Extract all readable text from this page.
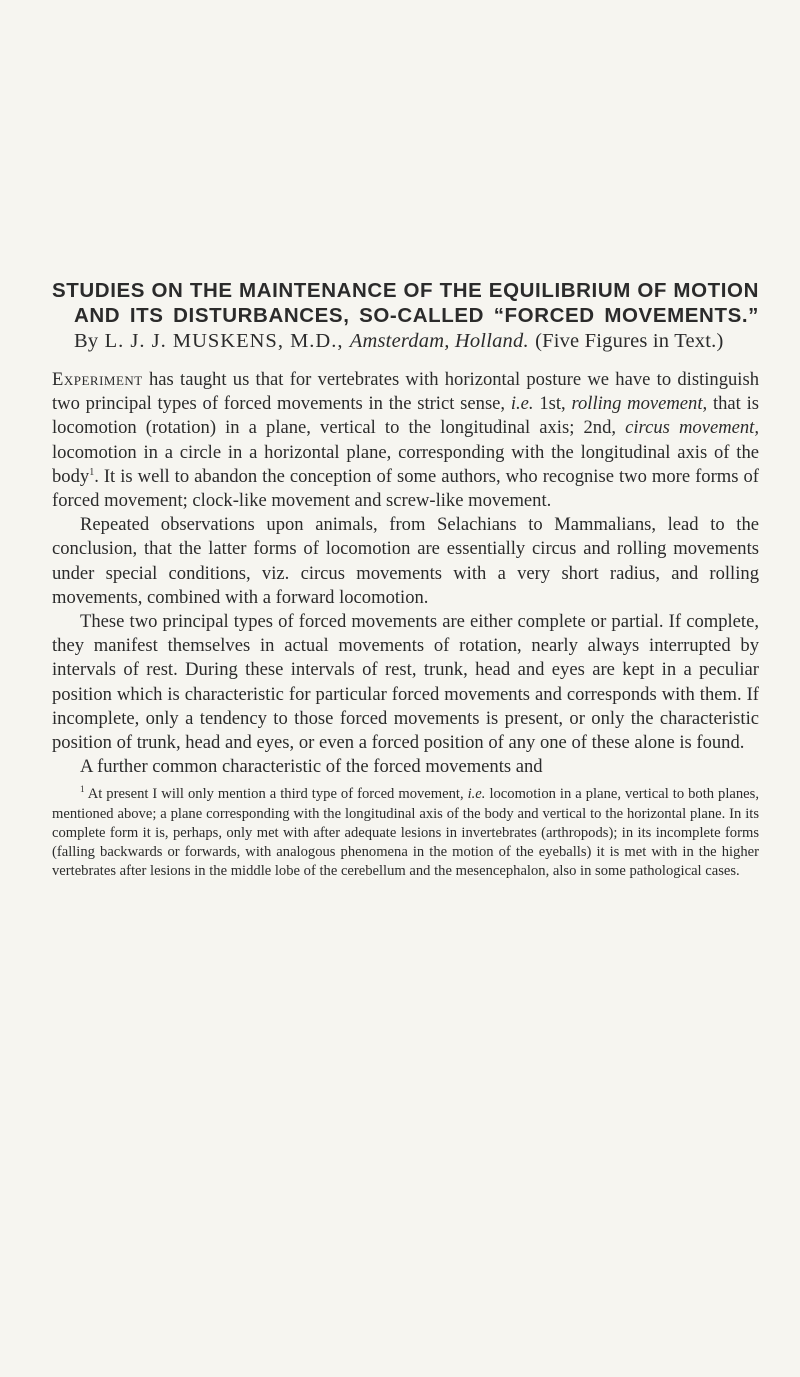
STUDIES ON THE MAINTENANCE OF THE EQUILIBRIUM OF MOTION AND ITS DISTURBANCES, SO-CALLED “FORCED MOVEMENTS.” By L. J. J. MUSKENS, M.D., Amsterdam, Holland. (Five Figures in Text.)

Experiment has taught us that for vertebrates with horizontal posture we have to distinguish two principal types of forced movements in the strict sense, i.e. 1st, rolling movement, that is locomotion (rotation) in a plane, vertical to the longitudinal axis; 2nd, circus movement, locomotion in a circle in a horizontal plane, corresponding with the longitudinal axis of the body$^1$. It is well to abandon the conception of some authors, who recognise two more forms of forced movement; clock-like movement and screw-like movement.

Repeated observations upon animals, from Selachians to Mammalians, lead to the conclusion, that the latter forms of locomotion are essentially circus and rolling movements under special conditions, viz. circus movements with a very short radius, and rolling movements, combined with a forward locomotion.

These two principal types of forced movements are either complete or partial. If complete, they manifest themselves in actual movements of rotation, nearly always interrupted by intervals of rest. During these intervals of rest, trunk, head and eyes are kept in a peculiar position which is characteristic for particular forced movements and corresponds with them. If incomplete, only a tendency to those forced movements is present, or only the characteristic position of trunk, head and eyes, or even a forced position of any one of these alone is found.

A further common characteristic of the forced movements and

$^1$ At present I will only mention a third type of forced movement, i.e. locomotion in a plane, vertical to both planes, mentioned above; a plane corresponding with the longitudinal axis of the body and vertical to the horizontal plane. In its complete form it is, perhaps, only met with after adequate lesions in invertebrates (arthropods); in its incomplete forms (falling backwards or forwards, with analogous phenomena in the motion of the eyeballs) it is met with in the higher vertebrates after lesions in the middle lobe of the cerebellum and the mesencephalon, also in some pathological cases.
